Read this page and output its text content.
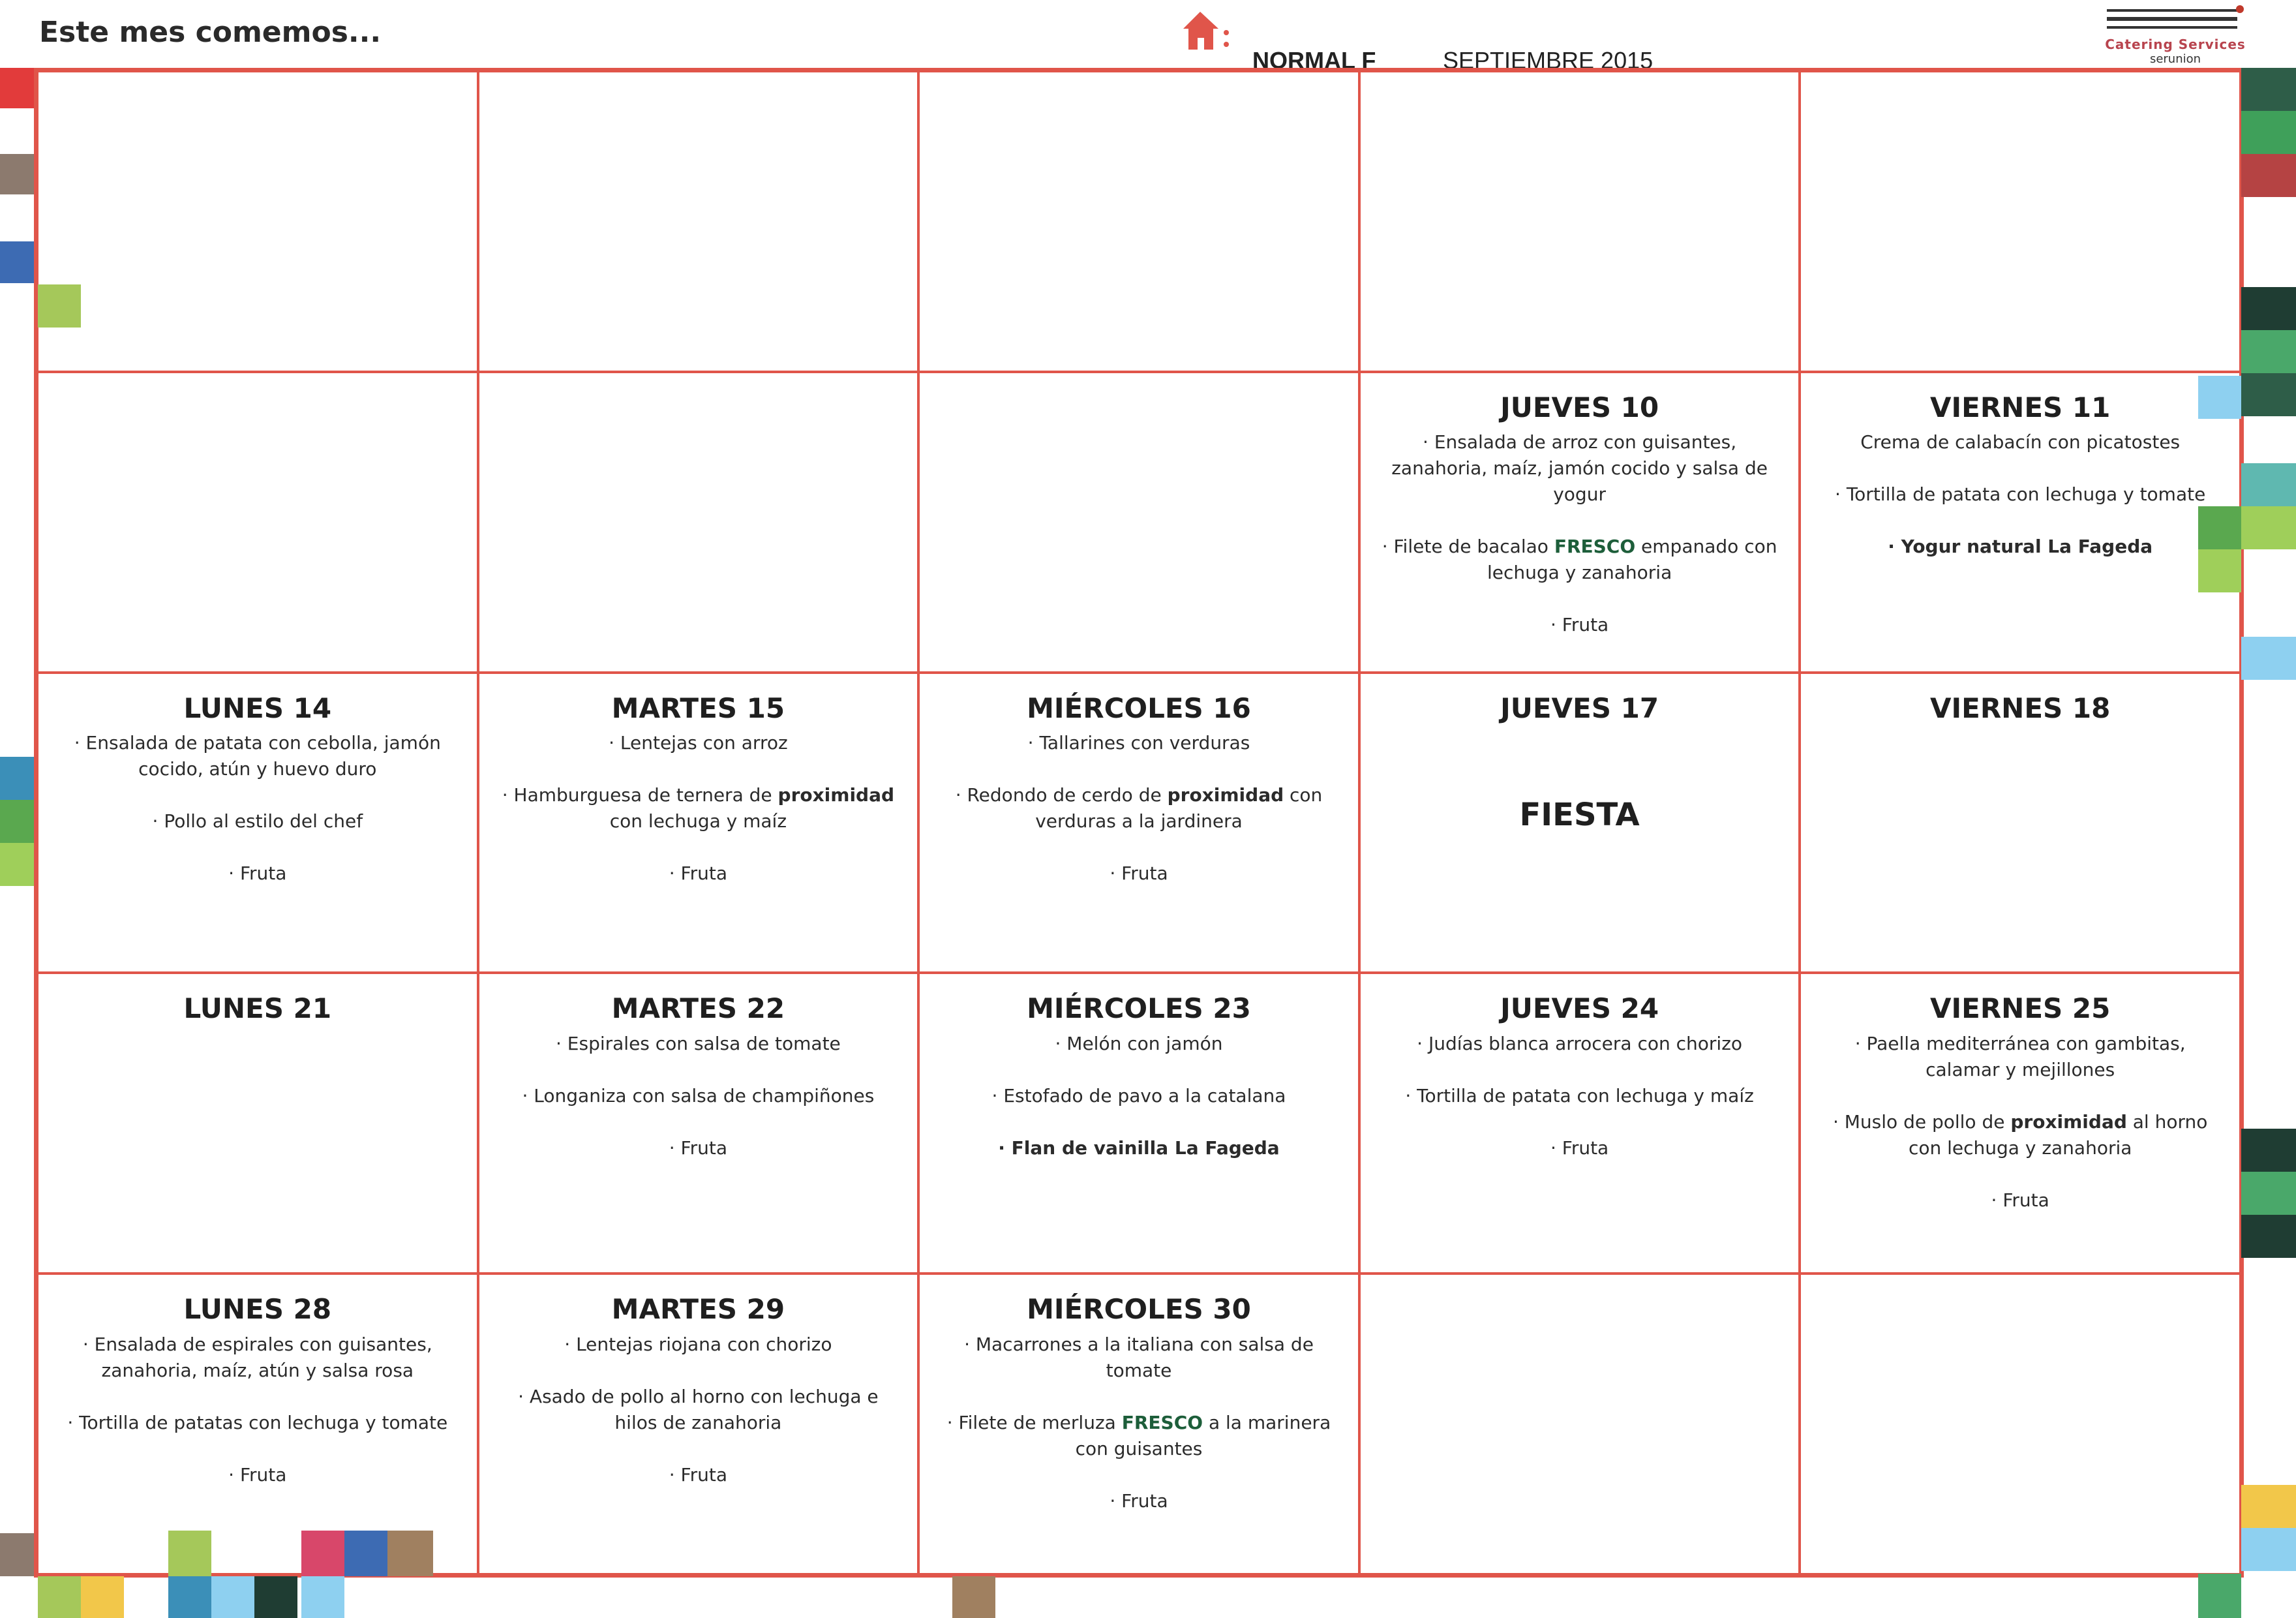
Este mes comemos...
NORMAL F	SEPTIEMBRE 2015
Catering Services
serunion
JUEVES 10
· Ensalada de arroz con guisantes, zanahoria, maíz, jamón cocido y salsa de yogur
· Filete de bacalao FRESCO empanado con lechuga y zanahoria
· Fruta
VIERNES 11
Crema de calabacín con picatostes
· Tortilla de patata con lechuga y tomate
· Yogur natural La Fageda
LUNES 14
· Ensalada de patata con cebolla, jamón cocido, atún y huevo duro
· Pollo al estilo del chef
· Fruta
MARTES 15
· Lentejas con arroz
· Hamburguesa de ternera de proximidad con lechuga y maíz
· Fruta
MIÉRCOLES 16
· Tallarines con verduras
· Redondo de cerdo de proximidad con verduras a la jardinera
· Fruta
JUEVES 17
FIESTA
VIERNES 18
LUNES 21	MARTES 22
· Espirales con salsa de tomate
· Longaniza con salsa de champiñones
· Fruta
MIÉRCOLES 23
· Melón con jamón
· Estofado de pavo a la catalana
· Flan de vainilla La Fageda
JUEVES 24
· Judías blanca arrocera con chorizo
· Tortilla de patata con lechuga y maíz
· Fruta
VIERNES 25
· Paella mediterránea con gambitas, calamar y mejillones
· Muslo de pollo de proximidad al horno con lechuga y zanahoria
· Fruta
LUNES 28
· Ensalada de espirales con guisantes, zanahoria, maíz, atún y salsa rosa
· Tortilla de patatas con lechuga y tomate
· Fruta
MARTES 29
· Lentejas riojana con chorizo
· Asado de pollo al horno con lechuga e hilos de zanahoria
· Fruta
MIÉRCOLES 30
· Macarrones a la italiana con salsa de tomate
· Filete de merluza FRESCO a la marinera con guisantes
· Fruta
